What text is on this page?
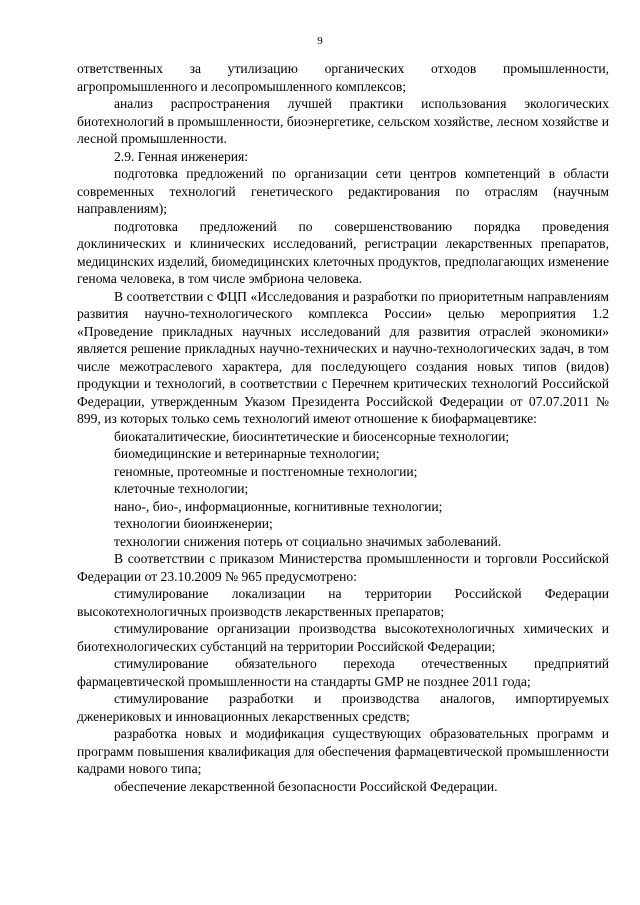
9

ответственных за утилизацию органических отходов промышленности, агропромышленного и лесопромышленного комплексов;

анализ распространения лучшей практики использования экологических биотехнологий в промышленности, биоэнергетике, сельском хозяйстве, лесном хозяйстве и лесной промышленности.

2.9. Генная инженерия:

подготовка предложений по организации сети центров компетенций в области современных технологий генетического редактирования по отраслям (научным направлениям);

подготовка предложений по совершенствованию порядка проведения доклинических и клинических исследований, регистрации лекарственных препаратов, медицинских изделий, биомедицинских клеточных продуктов, предполагающих изменение генома человека, в том числе эмбриона человека.

В соответствии с ФЦП «Исследования и разработки по приоритетным направлениям развития научно-технологического комплекса России» целью мероприятия 1.2 «Проведение прикладных научных исследований для развития отраслей экономики» является решение прикладных научно-технических и научно-технологических задач, в том числе межотраслевого характера, для последующего создания новых типов (видов) продукции и технологий, в соответствии с Перечнем критических технологий Российской Федерации, утвержденным Указом Президента Российской Федерации от 07.07.2011 № 899, из которых только семь технологий имеют отношение к биофармацевтике:

биокаталитические, биосинтетические и биосенсорные технологии;

биомедицинские и ветеринарные технологии;

геномные, протеомные и постгеномные технологии;

клеточные технологии;

нано-, био-, информационные, когнитивные технологии;

технологии биоинженерии;

технологии снижения потерь от социально значимых заболеваний.

В соответствии с приказом Министерства промышленности и торговли Российской Федерации от 23.10.2009 № 965 предусмотрено:

стимулирование локализации на территории Российской Федерации высокотехнологичных производств лекарственных препаратов;

стимулирование организации производства высокотехнологичных химических и биотехнологических субстанций на территории Российской Федерации;

стимулирование обязательного перехода отечественных предприятий фармацевтической промышленности на стандарты GMP не позднее 2011 года;

стимулирование разработки и производства аналогов, импортируемых дженериковых и инновационных лекарственных средств;

разработка новых и модификация существующих образовательных программ и программ повышения квалификация для обеспечения фармацевтической промышленности кадрами нового типа;

обеспечение лекарственной безопасности Российской Федерации.
